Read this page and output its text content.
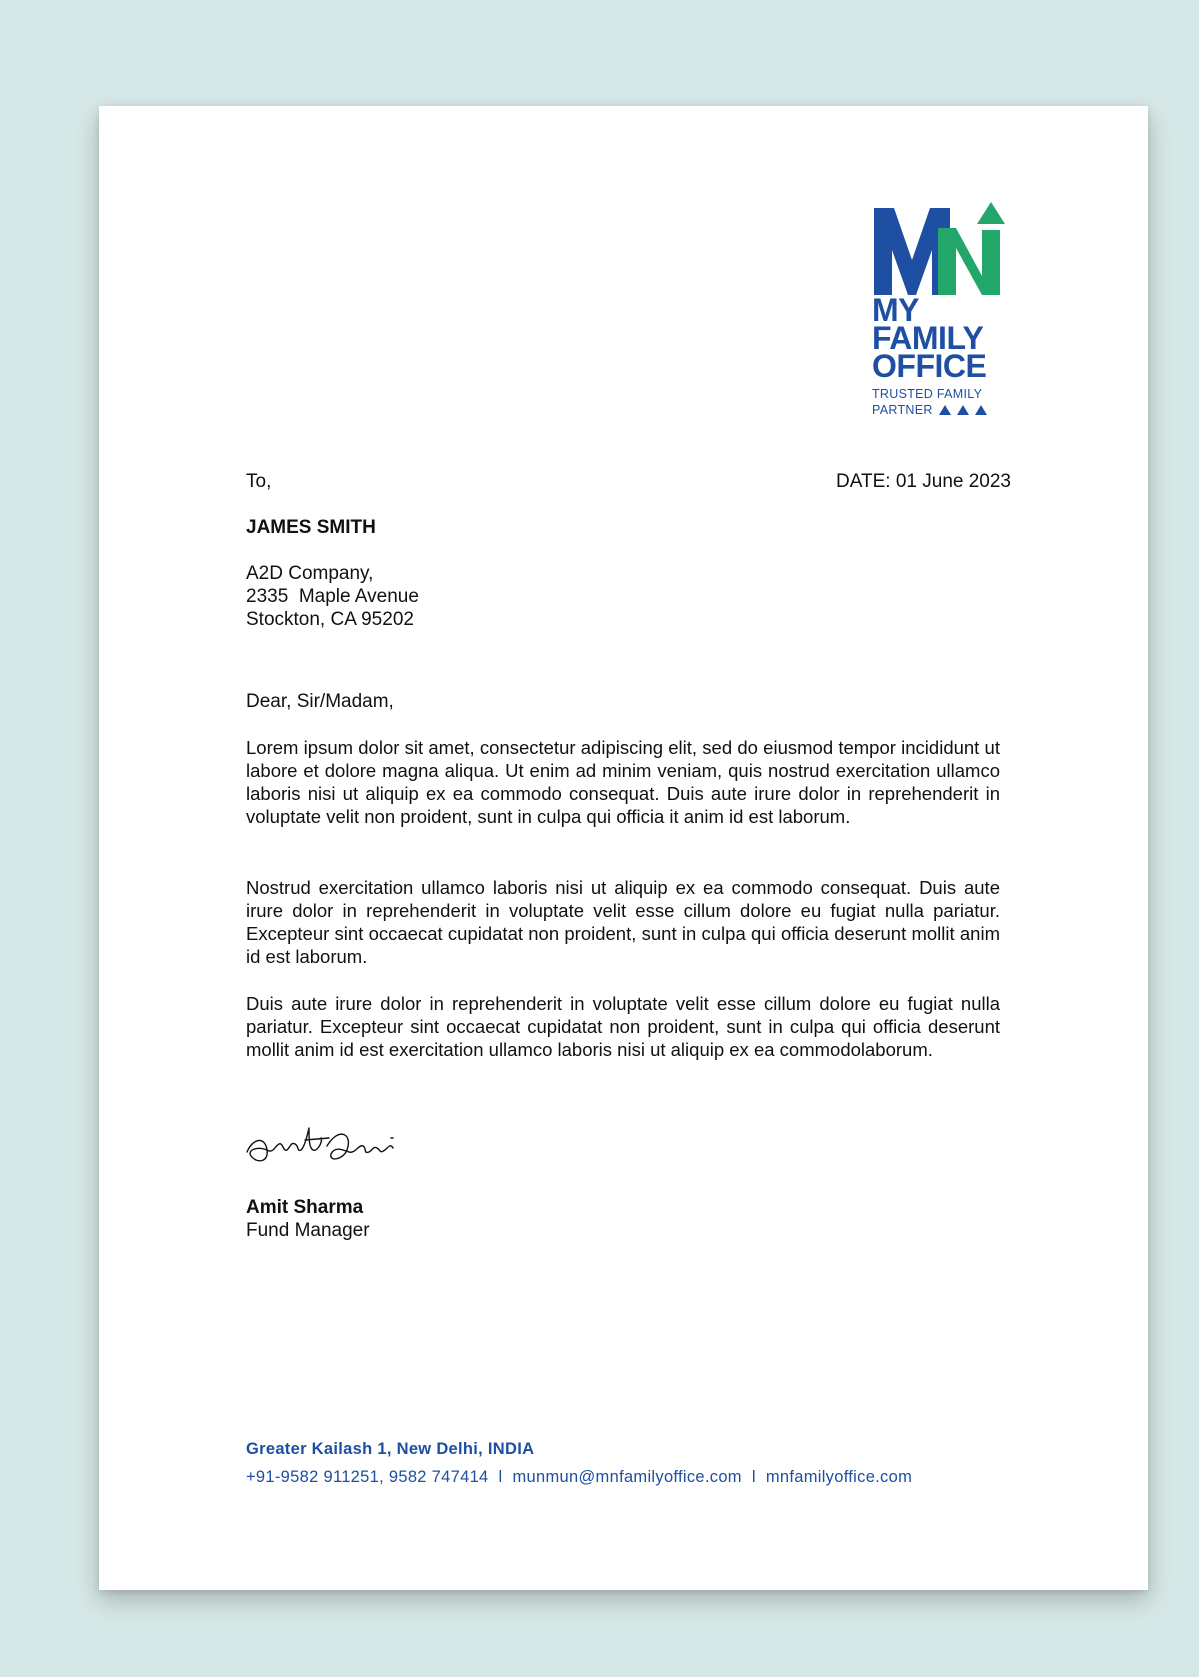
MY
FAMILY
OFFICE
TRUSTED FAMILY
PARTNER
To,	DATE: 01 June 2023
JAMES SMITH
A2D Company,
2335  Maple Avenue
Stockton, CA 95202
Dear, Sir/Madam,
Lorem ipsum dolor sit amet, consectetur adipiscing elit, sed do eiusmod tempor incididunt ut labore et dolore magna aliqua. Ut enim ad minim veniam, quis nostrud exercitation ullamco laboris nisi ut aliquip ex ea commodo consequat. Duis aute irure dolor in reprehenderit in voluptate velit non proident, sunt in culpa qui officia it anim id est laborum.
Nostrud exercitation ullamco laboris nisi ut aliquip ex ea commodo consequat. Duis aute irure dolor in reprehenderit in voluptate velit esse cillum dolore eu fugiat nulla pariatur. Excepteur sint occaecat cupidatat non proident, sunt in culpa qui officia deserunt mollit anim id est laborum.
Duis aute irure dolor in reprehenderit in voluptate velit esse cillum dolore eu fugiat nulla pariatur. Excepteur sint occaecat cupidatat non proident, sunt in culpa qui officia deserunt mollit anim id est exercitation ullamco laboris nisi ut aliquip ex ea commodolaborum.
Amit Sharma
Fund Manager
Greater Kailash 1, New Delhi, INDIA
+91-9582 911251, 9582 747414 l munmun@mnfamilyoffice.com l mnfamilyoffice.com
